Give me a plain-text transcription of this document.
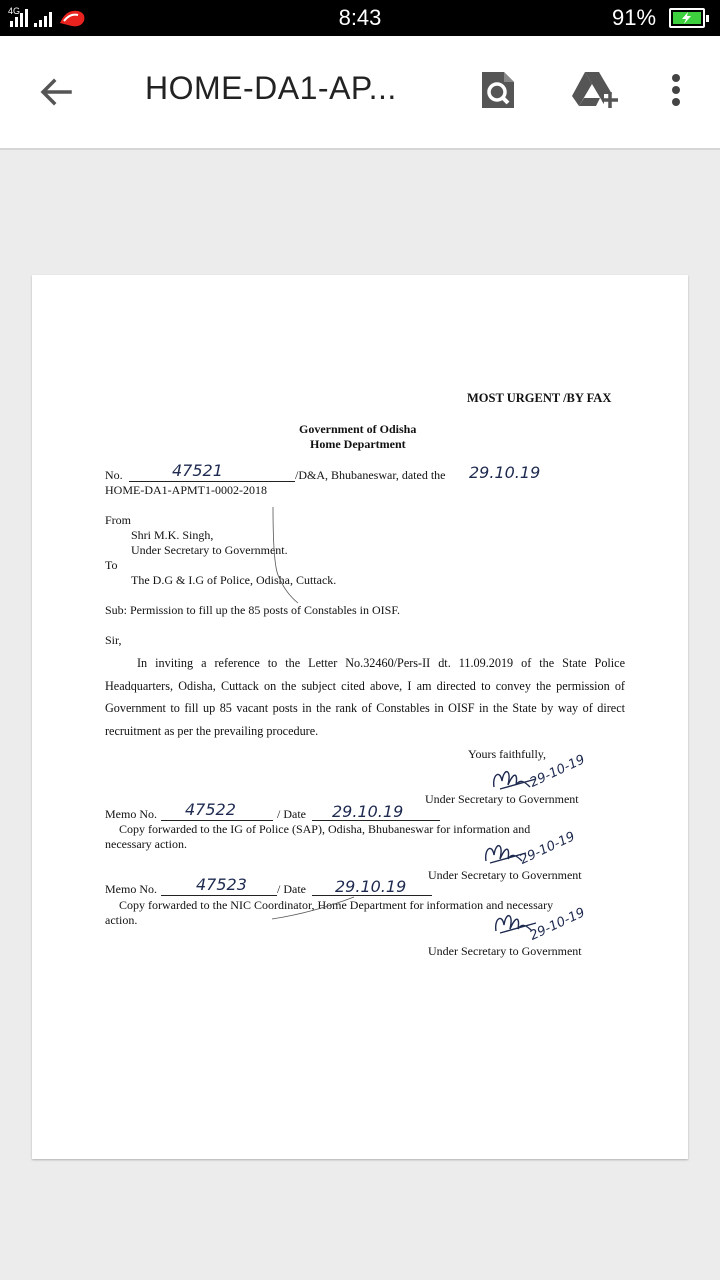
4G	8:43	91%
HOME-DA1-AP...
MOST URGENT /BY FAX
Government of Odisha
Home Department
No.	47521	/D&A, Bhubaneswar, dated the 29.10.19
HOME-DA1-APMT1-0002-2018
From
Shri M.K. Singh,
Under Secretary to Government.
To
The D.G & I.G of Police, Odisha, Cuttack.
Sub: Permission to fill up the 85 posts of Constables in OISF.
Sir,
In inviting a reference to the Letter No.32460/Pers-II dt. 11.09.2019 of the State Police Headquarters, Odisha, Cuttack on the subject cited above, I am directed to convey the permission of Government to fill up 85 vacant posts in the rank of Constables in OISF in the State by way of direct recruitment as per the prevailing procedure.
Yours faithfully,
29-10-19
Under Secretary to Government
Memo No. 47522	/ Date 29.10.19
Copy forwarded to the IG of Police (SAP), Odisha, Bhubaneswar for information and
necessary action.	29-10-19
Under Secretary to Government
Memo No. 47523	/ Date 29.10.19
Copy forwarded to the NIC Coordinator, Home Department for information and necessary
action.	29-10-19
Under Secretary to Government
